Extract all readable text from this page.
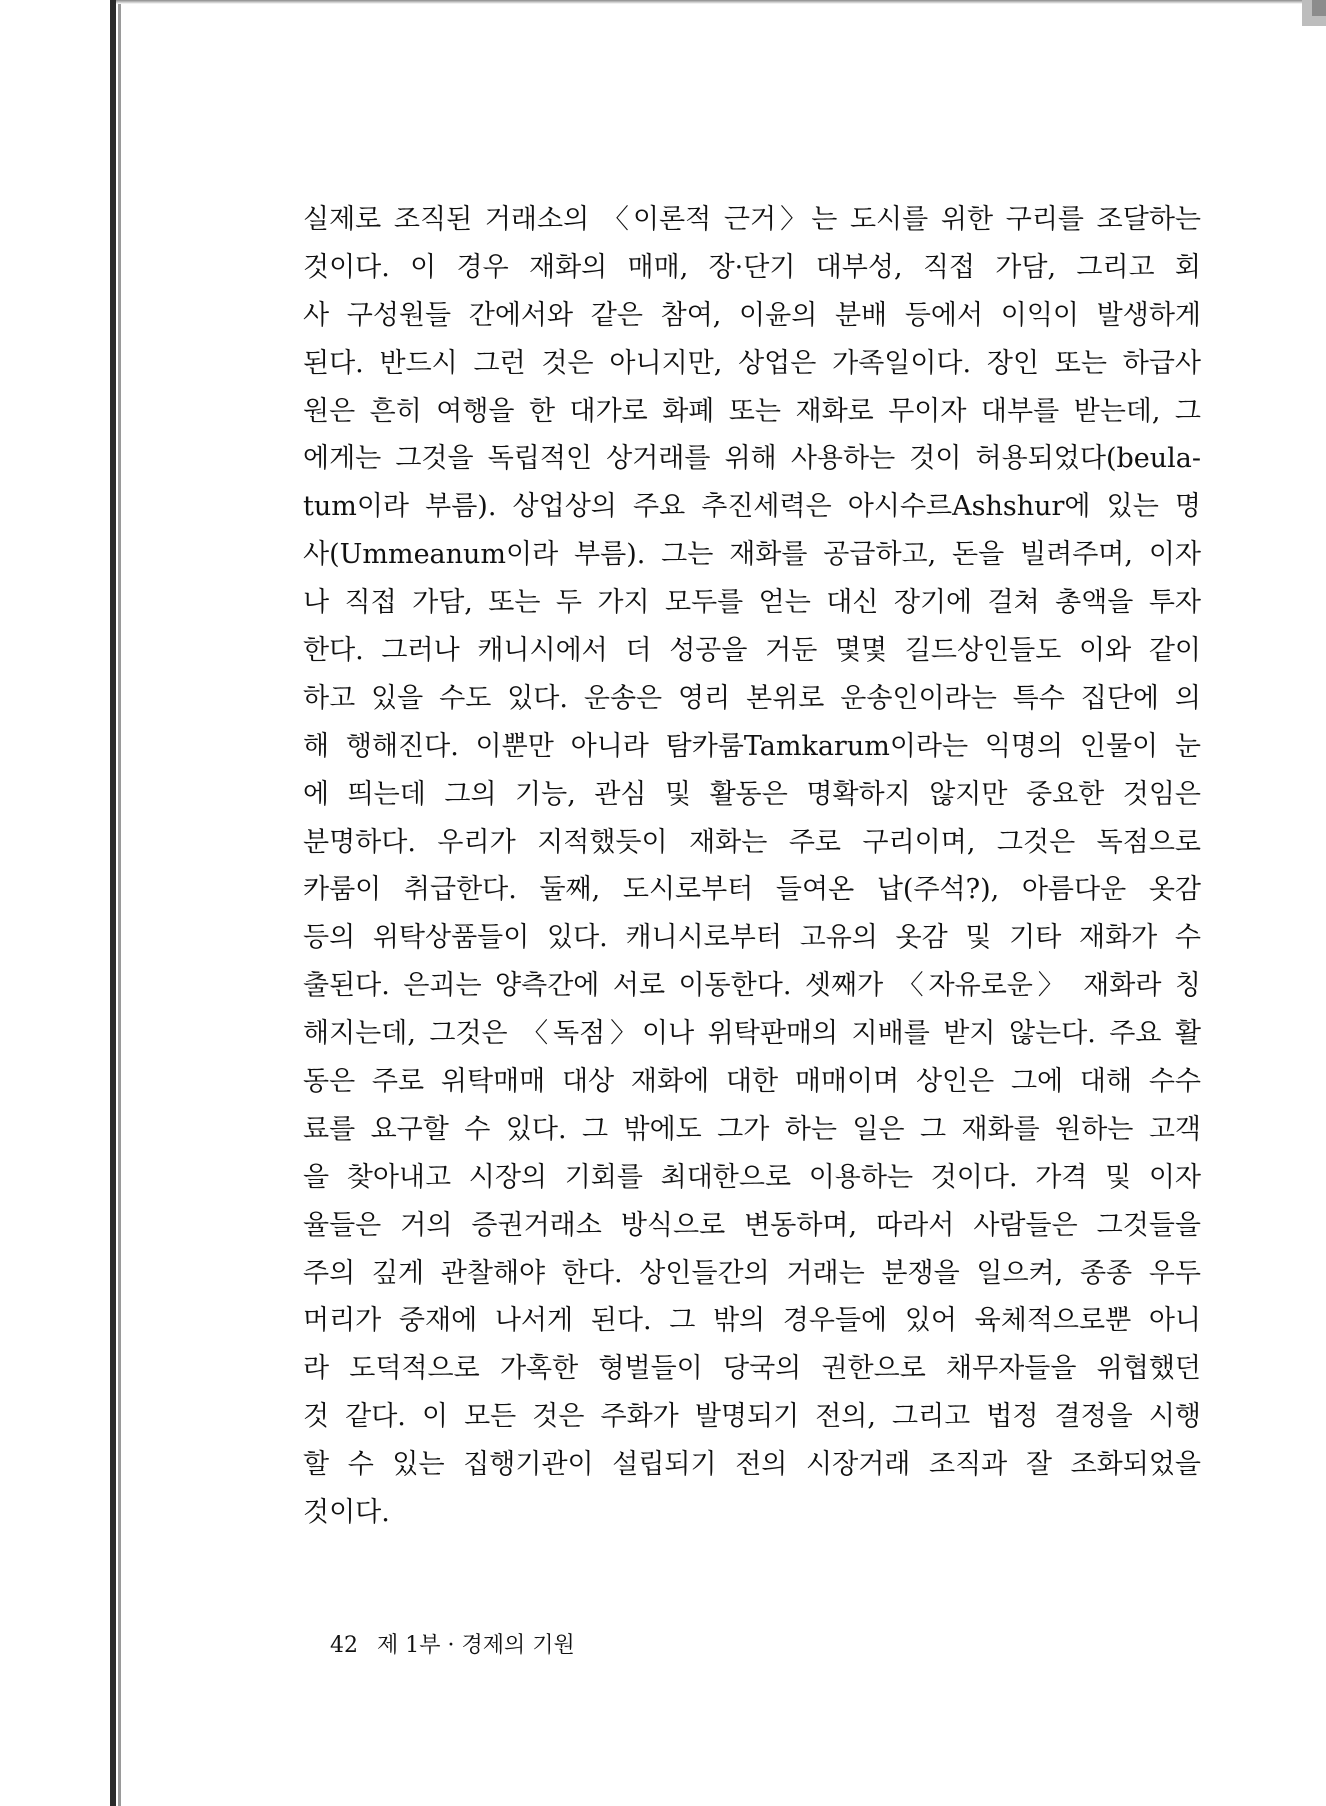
실제로 조직된 거래소의 〈이론적 근거〉는 도시를 위한 구리를 조달하는
것이다. 이 경우 재화의 매매, 장·단기 대부성, 직접 가담, 그리고 회
사 구성원들 간에서와 같은 참여, 이윤의 분배 등에서 이익이 발생하게
된다. 반드시 그런 것은 아니지만, 상업은 가족일이다. 장인 또는 하급사
원은 흔히 여행을 한 대가로 화폐 또는 재화로 무이자 대부를 받는데, 그
에게는 그것을 독립적인 상거래를 위해 사용하는 것이 허용되었다(beula-
tum이라 부름). 상업상의 주요 추진세력은 아시수르Ashshur에 있는 명
사(Ummeanum이라 부름). 그는 재화를 공급하고, 돈을 빌려주며, 이자
나 직접 가담, 또는 두 가지 모두를 얻는 대신 장기에 걸쳐 총액을 투자
한다. 그러나 캐니시에서 더 성공을 거둔 몇몇 길드상인들도 이와 같이
하고 있을 수도 있다. 운송은 영리 본위로 운송인이라는 특수 집단에 의
해 행해진다. 이뿐만 아니라 탐카룸Tamkarum이라는 익명의 인물이 눈
에 띄는데 그의 기능, 관심 및 활동은 명확하지 않지만 중요한 것임은
분명하다. 우리가 지적했듯이 재화는 주로 구리이며, 그것은 독점으로
카룸이 취급한다. 둘째, 도시로부터 들여온 납(주석?), 아름다운 옷감
등의 위탁상품들이 있다. 캐니시로부터 고유의 옷감 및 기타 재화가 수
출된다. 은괴는 양측간에 서로 이동한다. 셋째가 〈자유로운〉 재화라 칭
해지는데, 그것은 〈독점〉이나 위탁판매의 지배를 받지 않는다. 주요 활
동은 주로 위탁매매 대상 재화에 대한 매매이며 상인은 그에 대해 수수
료를 요구할 수 있다. 그 밖에도 그가 하는 일은 그 재화를 원하는 고객
을 찾아내고 시장의 기회를 최대한으로 이용하는 것이다. 가격 및 이자
율들은 거의 증권거래소 방식으로 변동하며, 따라서 사람들은 그것들을
주의 깊게 관찰해야 한다. 상인들간의 거래는 분쟁을 일으켜, 종종 우두
머리가 중재에 나서게 된다. 그 밖의 경우들에 있어 육체적으로뿐 아니
라 도덕적으로 가혹한 형벌들이 당국의 권한으로 채무자들을 위협했던
것 같다. 이 모든 것은 주화가 발명되기 전의, 그리고 법정 결정을 시행
할 수 있는 집행기관이 설립되기 전의 시장거래 조직과 잘 조화되었을
것이다.
42 제 1부 · 경제의 기원
